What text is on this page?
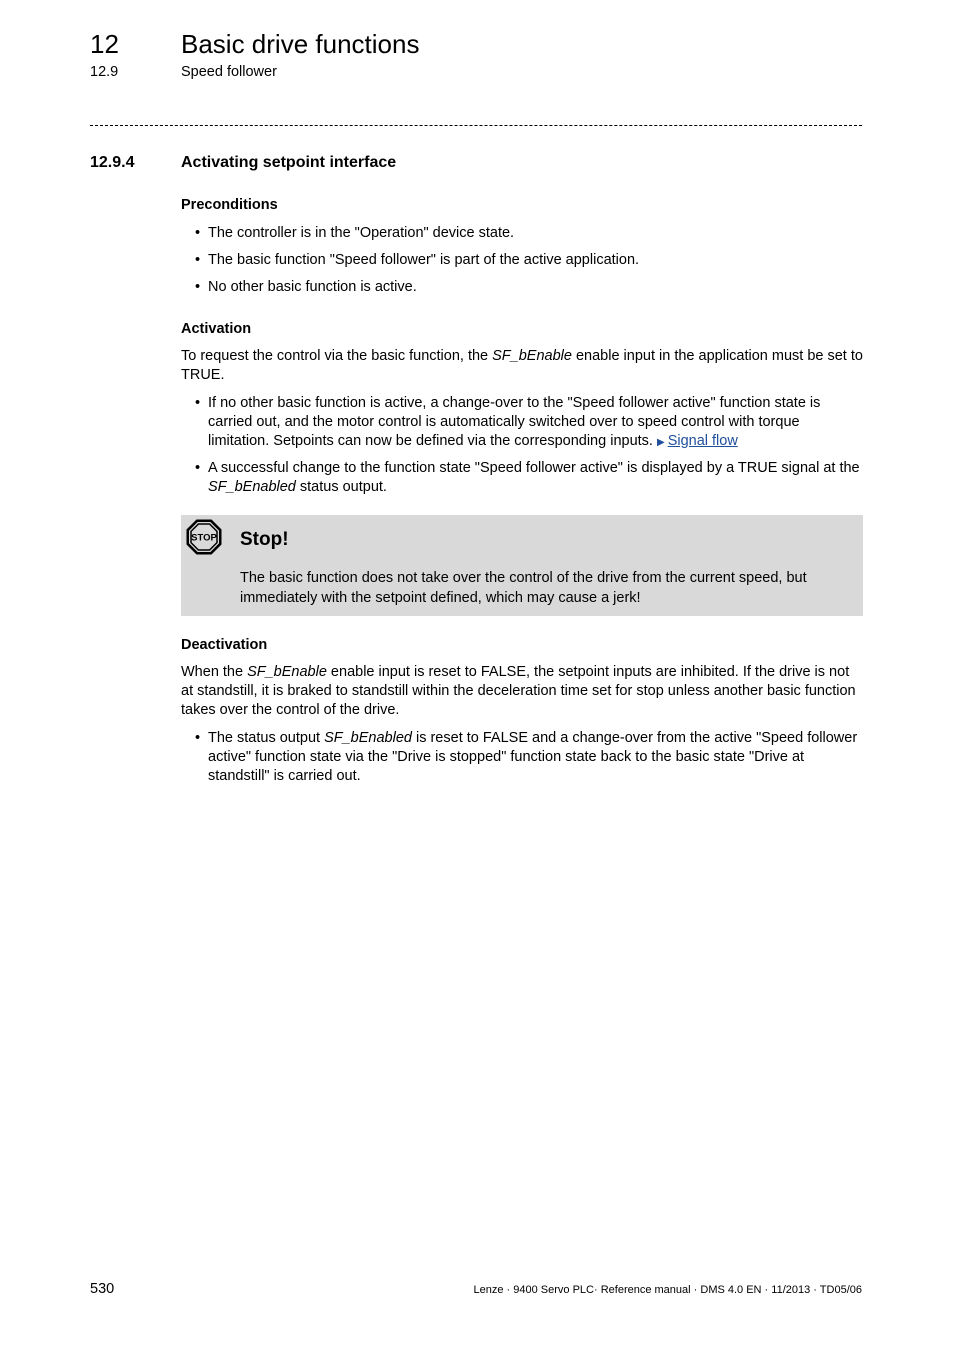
12 Basic drive functions
12.9	Speed follower
12.9.4	Activating setpoint interface
Preconditions
• The controller is in the "Operation" device state.
• The basic function "Speed follower" is part of the active application.
• No other basic function is active.
Activation
To request the control via the basic function, the SF_bEnable enable input in the application must be set to TRUE.
• If no other basic function is active, a change-over to the "Speed follower active" function state is carried out, and the motor control is automatically switched over to speed control with torque limitation. Setpoints can now be defined via the corresponding inputs. ▶ Signal flow
• A successful change to the function state "Speed follower active" is displayed by a TRUE signal at the SF_bEnabled status output.
STOP Stop!
The basic function does not take over the control of the drive from the current speed, but immediately with the setpoint defined, which may cause a jerk!
Deactivation
When the SF_bEnable enable input is reset to FALSE, the setpoint inputs are inhibited. If the drive is not at standstill, it is braked to standstill within the deceleration time set for stop unless another basic function takes over the control of the drive.
• The status output SF_bEnabled is reset to FALSE and a change-over from the active "Speed follower active" function state via the "Drive is stopped" function state back to the basic state "Drive at standstill" is carried out.
530	Lenze · 9400 Servo PLC· Reference manual · DMS 4.0 EN · 11/2013 · TD05/06
